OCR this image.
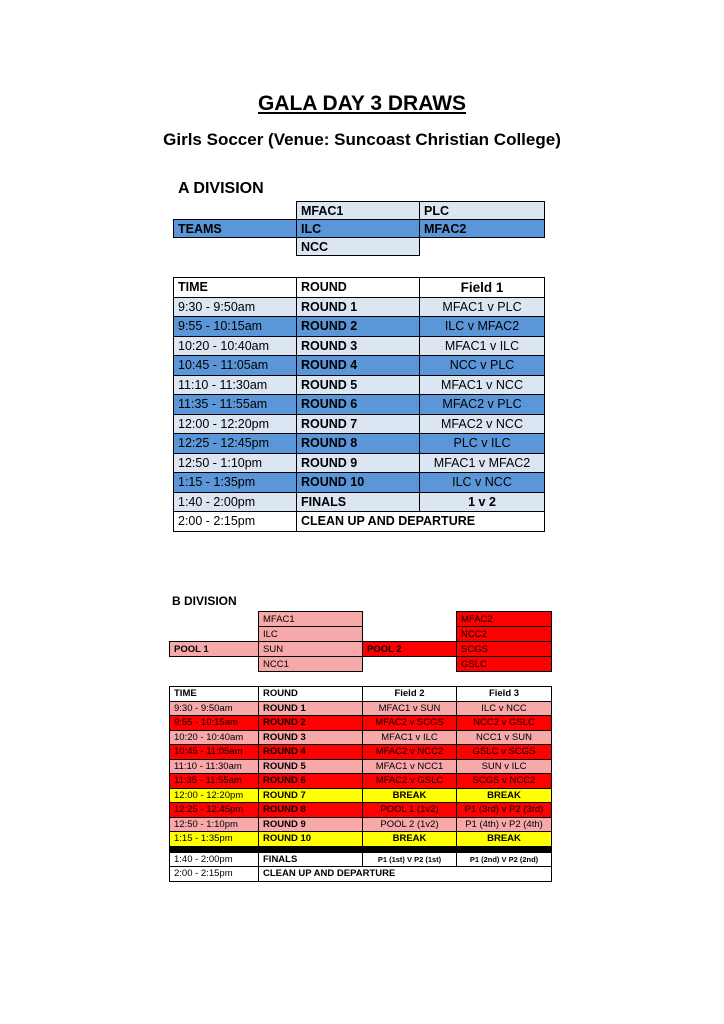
GALA DAY 3 DRAWS
Girls Soccer (Venue: Suncoast Christian College)
A DIVISION
	MFAC1	PLC
TEAMS	ILC	MFAC2
	NCC	
TIME	ROUND	Field 1
9:30 - 9:50am	ROUND 1	MFAC1 v PLC
9:55 - 10:15am	ROUND 2	ILC v MFAC2
10:20 - 10:40am	ROUND 3	MFAC1 v ILC
10:45 - 11:05am	ROUND 4	NCC v PLC
11:10 - 11:30am	ROUND 5	MFAC1 v NCC
11:35 - 11:55am	ROUND 6	MFAC2 v PLC
12:00 - 12:20pm	ROUND 7	MFAC2 v NCC
12:25 - 12:45pm	ROUND 8	PLC v ILC
12:50 - 1:10pm	ROUND 9	MFAC1 v MFAC2
1:15 - 1:35pm	ROUND 10	ILC v NCC
1:40 - 2:00pm	FINALS	1 v 2
2:00 - 2:15pm	CLEAN UP AND DEPARTURE	
B DIVISION
	MFAC1		MFAC2
	ILC		NCC2
POOL 1	SUN	POOL 2	SCGS
	NCC1		GSLC
TIME	ROUND	Field 2	Field 3
9:30 - 9:50am	ROUND 1	MFAC1 v SUN	ILC v NCC
9:55 - 10:15am	ROUND 2	MFAC2 v SCGS	NCC2 v GSLC
10:20 - 10:40am	ROUND 3	MFAC1 v ILC	NCC1 v SUN
10:45 - 11:05am	ROUND 4	MFAC2 v NCC2	GSLC v SCGS
11:10 - 11:30am	ROUND 5	MFAC1 v NCC1	SUN v ILC
11:35 - 11:55am	ROUND 6	MFAC2 v GSLC	SCGS v NCC2
12:00 - 12:20pm	ROUND 7	BREAK	BREAK
12:25 - 12:45pm	ROUND 8	POOL 1 (1v2)	P1 (3rd) v P2 (3rd)
12:50 - 1:10pm	ROUND 9	POOL 2 (1v2)	P1 (4th) v P2 (4th)
1:15 - 1:35pm	ROUND 10	BREAK	BREAK

1:40 - 2:00pm	FINALS	P1 (1st) V P2 (1st)	P1 (2nd) V P2 (2nd)
2:00 - 2:15pm	CLEAN UP AND DEPARTURE		
